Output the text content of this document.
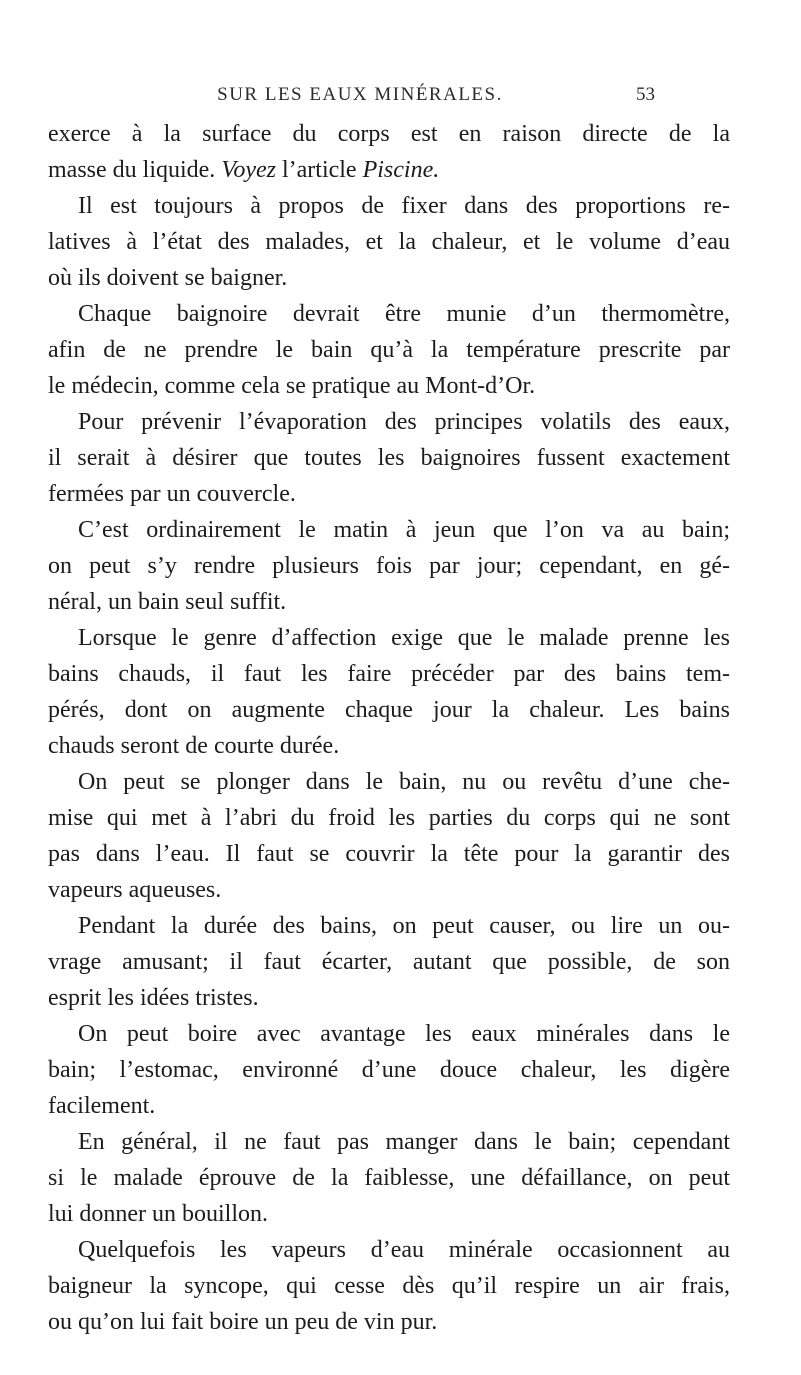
SUR LES EAUX MINÉRALES.	53
exerce à la surface du corps est en raison directe de la
masse du liquide. Voyez l’article Piscine.
Il est toujours à propos de fixer dans des proportions re-
latives à l’état des malades, et la chaleur, et le volume d’eau
où ils doivent se baigner.
Chaque baignoire devrait être munie d’un thermomètre,
afin de ne prendre le bain qu’à la température prescrite par
le médecin, comme cela se pratique au Mont-d’Or.
Pour prévenir l’évaporation des principes volatils des eaux,
il serait à désirer que toutes les baignoires fussent exactement
fermées par un couvercle.
C’est ordinairement le matin à jeun que l’on va au bain;
on peut s’y rendre plusieurs fois par jour; cependant, en gé-
néral, un bain seul suffit.
Lorsque le genre d’affection exige que le malade prenne les
bains chauds, il faut les faire précéder par des bains tem-
pérés, dont on augmente chaque jour la chaleur. Les bains
chauds seront de courte durée.
On peut se plonger dans le bain, nu ou revêtu d’une che-
mise qui met à l’abri du froid les parties du corps qui ne sont
pas dans l’eau. Il faut se couvrir la tête pour la garantir des
vapeurs aqueuses.
Pendant la durée des bains, on peut causer, ou lire un ou-
vrage amusant; il faut écarter, autant que possible, de son
esprit les idées tristes.
On peut boire avec avantage les eaux minérales dans le
bain; l’estomac, environné d’une douce chaleur, les digère
facilement.
En général, il ne faut pas manger dans le bain; cependant
si le malade éprouve de la faiblesse, une défaillance, on peut
lui donner un bouillon.
Quelquefois les vapeurs d’eau minérale occasionnent au
baigneur la syncope, qui cesse dès qu’il respire un air frais,
ou qu’on lui fait boire un peu de vin pur.
